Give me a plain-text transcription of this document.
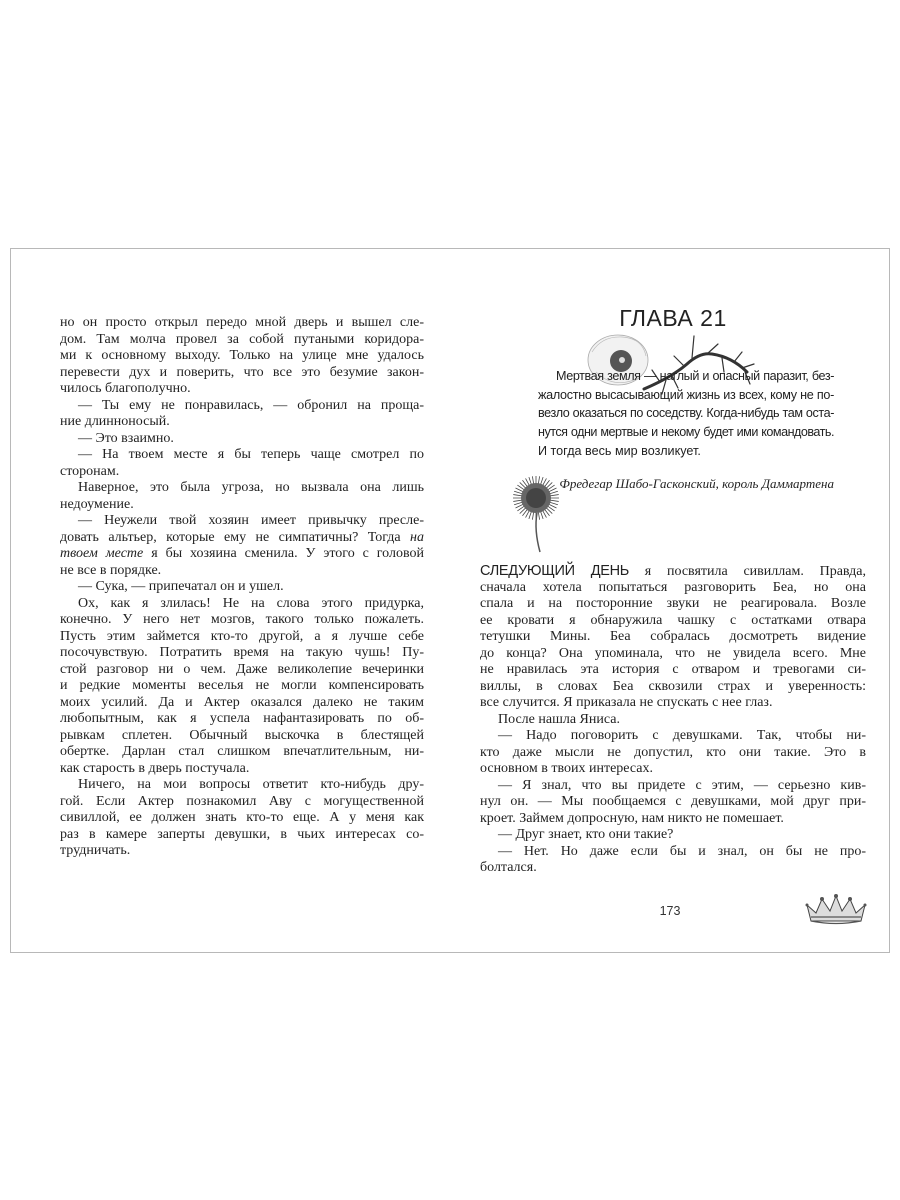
но он просто открыл передо мной дверь и вышел сле-
дом. Там молча провел за собой путаными коридора-
ми к основному выходу. Только на улице мне удалось
перевести дух и поверить, что все это безумие закон-
чилось благополучно.
— Ты ему не понравилась, — обронил на проща-
ние длинноносый.
— Это взаимно.
— На твоем месте я бы теперь чаще смотрел по
сторонам.
Наверное, это была угроза, но вызвала она лишь
недоумение.
— Неужели твой хозяин имеет привычку пресле-
довать альтьер, которые ему не симпатичны? Тогда на
твоем месте я бы хозяина сменила. У этого с головой
не все в порядке.
— Сука, — припечатал он и ушел.
Ох, как я злилась! Не на слова этого придурка,
конечно. У него нет мозгов, такого только пожалеть.
Пусть этим займется кто-то другой, а я лучше себе
посочувствую. Потратить время на такую чушь! Пу-
стой разговор ни о чем. Даже великолепие вечеринки
и редкие моменты веселья не могли компенсировать
моих усилий. Да и Актер оказался далеко не таким
любопытным, как я успела нафантазировать по об-
рывкам сплетен. Обычный выскочка в блестящей
обертке. Дарлан стал слишком впечатлительным, ни-
как старость в дверь постучала.
Ничего, на мои вопросы ответит кто-нибудь дру-
гой. Если Актер познакомил Аву с могущественной
сивиллой, ее должен знать кто-то еще. А у меня как
раз в камере заперты девушки, в чьих интересах со-
трудничать.
ГЛАВА 21
Мертвая земля — наглый и опасный паразит, без-
жалостно высасывающий жизнь из всех, кому не по-
везло оказаться по соседству. Когда-нибудь там оста-
нутся одни мертвые и некому будет ими командовать.
И тогда весь мир возликует.
Фредегар Шабо-Гасконский, король Даммартена
СЛЕДУЮЩИЙ ДЕНЬ я посвятила сивиллам. Правда,
сначала хотела попытаться разговорить Беа, но она
спала и на посторонние звуки не реагировала. Возле
ее кровати я обнаружила чашку с остатками отвара
тетушки Мины. Беа собралась досмотреть видение
до конца? Она упоминала, что не увидела всего. Мне
не нравилась эта история с отваром и тревогами си-
виллы, в словах Беа сквозили страх и уверенность:
все случится. Я приказала не спускать с нее глаз.
После нашла Яниса.
— Надо поговорить с девушками. Так, чтобы ни-
кто даже мысли не допустил, кто они такие. Это в
основном в твоих интересах.
— Я знал, что вы придете с этим, — серьезно кив-
нул он. — Мы пообщаемся с девушками, мой друг при-
кроет. Займем допросную, нам никто не помешает.
— Друг знает, кто они такие?
— Нет. Но даже если бы и знал, он бы не про-
болтался.
173
